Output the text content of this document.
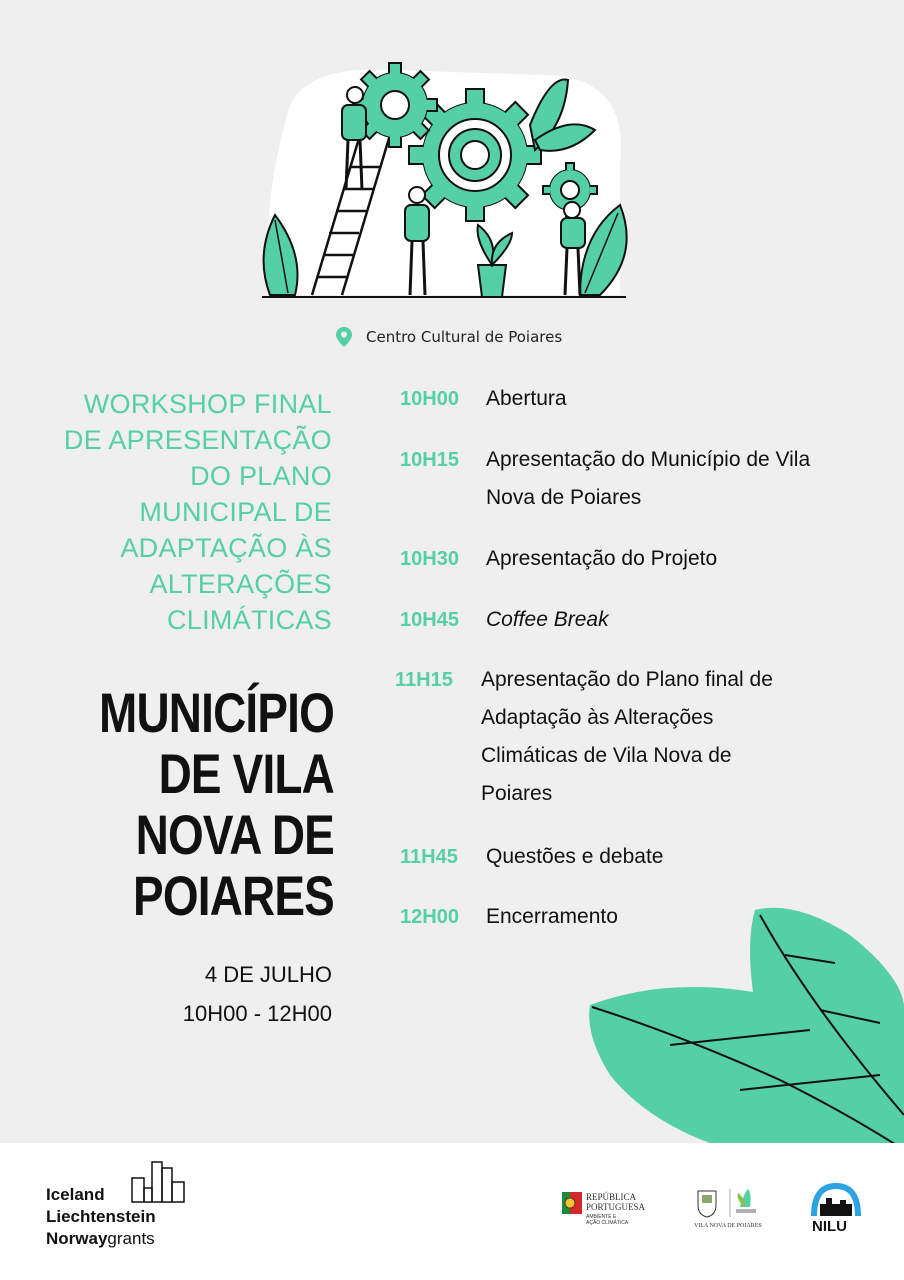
Centro Cultural de Poiares
WORKSHOP FINAL
DE APRESENTAÇÃO
DO PLANO
MUNICIPAL DE
ADAPTAÇÃO ÀS
ALTERAÇÕES
CLIMÁTICAS
MUNICÍPIO
DE VILA
NOVA DE
POIARES
4 DE JULHO
10H00 - 12H00
10H00	Abertura
10H15	Apresentação do Município de Vila
Nova de Poiares
10H30	Apresentação do Projeto
10H45	Coffee Break
11H15	Apresentação do Plano final de
Adaptação às Alterações
Climáticas de Vila Nova de
Poiares
11H45	Questões e debate
12H00	Encerramento
Iceland
Liechtenstein
Norwaygrants
REPÚBLICA
PORTUGUESA
AMBIENTE E
AÇÃO CLIMÁTICA	VILA NOVA DE POIARES	NILU
